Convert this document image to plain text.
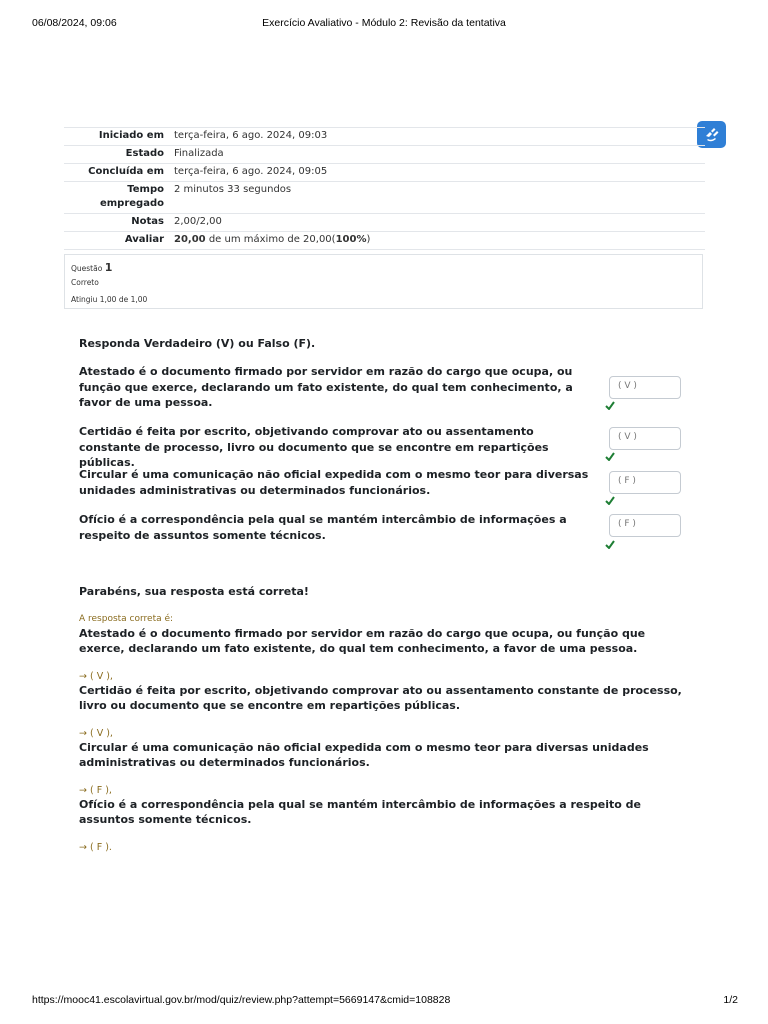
06/08/2024, 09:06	Exercício Avaliativo - Módulo 2: Revisão da tentativa
Iniciado em	terça-feira, 6 ago. 2024, 09:03
Estado	Finalizada
Concluída em	terça-feira, 6 ago. 2024, 09:05
Tempo empregado	2 minutos 33 segundos
Notas	2,00/2,00
Avaliar	20,00 de um máximo de 20,00(100%)
Questão 1
Correto
Atingiu 1,00 de 1,00
Responda Verdadeiro (V) ou Falso (F).
Atestado é o documento firmado por servidor em razão do cargo que ocupa, ou função que exerce, declarando um fato existente, do qual tem conhecimento, a favor de uma pessoa.
( V )
Certidão é feita por escrito, objetivando comprovar ato ou assentamento constante de processo, livro ou documento que se encontre em repartições públicas.
( V )
Circular é uma comunicação não oficial expedida com o mesmo teor para diversas unidades administrativas ou determinados funcionários.
( F )
Ofício é a correspondência pela qual se mantém intercâmbio de informações a respeito de assuntos somente técnicos.
( F )
Parabéns, sua resposta está correta!
A resposta correta é:
Atestado é o documento firmado por servidor em razão do cargo que ocupa, ou função que exerce, declarando um fato existente, do qual tem conhecimento, a favor de uma pessoa.
→ ( V ),
Certidão é feita por escrito, objetivando comprovar ato ou assentamento constante de processo, livro ou documento que se encontre em repartições públicas.
→ ( V ),
Circular é uma comunicação não oficial expedida com o mesmo teor para diversas unidades administrativas ou determinados funcionários.
→ ( F ),
Ofício é a correspondência pela qual se mantém intercâmbio de informações a respeito de assuntos somente técnicos.
→ ( F ).
https://mooc41.escolavirtual.gov.br/mod/quiz/review.php?attempt=5669147&cmid=108828	1/2
